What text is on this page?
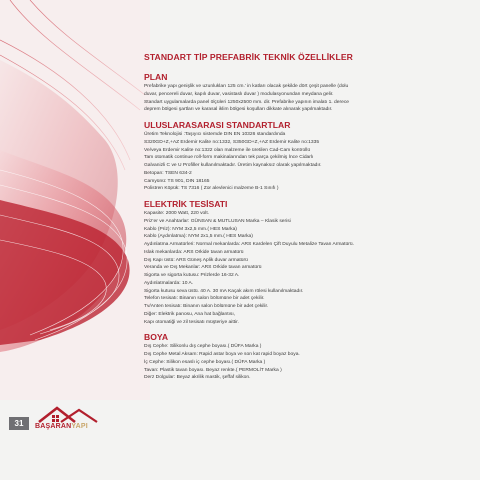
STANDART TİP PREFABRİK TEKNİK ÖZELLİKLER
PLAN

Prefabrike yapı genişlik ve uzunlukları 125 cm.’ in katları olacak şekilde dört çeşit panelle (dolu

duvar, pencereli duvar, kapılı duvar, vasistaslı duvar ) modulasyonundan meydana gelir.

Standart uygulamalarda panel ölçüleri 1250x2500 mm. dir. Prefabrike yapının imalatı 1. derece

deprem bölgesi şartları ve karasal iklim bölgesi koşulları dikkate alınarak yapılmaktadır.

ULUSLARASARASI STANDARTLAR

Üretim Teknolojisi :Taşıyıcı sistemde DIN EN 10326 standardında

S320GD+Z,+AZ Erdemir Kalite no:1332, S350GD+Z,+AZ Erdemir Kalite no:1335

Ve/veya Erdemir Kalite no:1322 olan malzeme ile üretilen Cad-Cam kontrollü

Tam otomatik continue roll-form makinalarından tek parça çekilmiş İnce Cidarlı

Galvanizli C ve U Profiller kullanılmaktadır. Üretim kaynaksız olarak yapılmaktadır.

Betopan: TSEN 634-2

Camyünü: TS 901, DIN 18165

Polistren Köpük: TS 7316 ( Zor alevlenici malzeme B-1 Sınıfı )

ELEKTRİK TESİSATI

Kapasite: 2000 Watt, 220 volt.

Priz’er ve Anahtarlar: GÜNSAN & MUTLUSAN Marka – Klasik serisi

Kablo (Priz): NYM 3x2,5 mm.( HES Marka)

Kablo (Aydınlatma): NYM 2x1,5 mm.( HES Marka)

Aydınlatma Armatürleri: Normal mekanlarda: ARS Kardelen Çift Duyulu Metalize Tavan Armatürü.

Islak mekanlarda: ARS Orkide tavan armatürü

Dış Kapı üstü: ARS Güneş Aplik duvar armatürü

Veranda ve Dış Mekanlar: ARS Orkide tavan armatürü

Sigorta ve sigorta kutusu: Prizlerde 16-32 A.

Aydınlatmalarda: 10 A.

Sigorta kutusu seva üstü. 40 A. 30 mA Kaçak akım rölesi kullanılmaktadır.

Telefon tesisatı: Binanın salon bölümüne bir adet çekilir.

Tv/Anten tesisatı: Binanın salon bölümüne bir adet çekilir.

Diğer: Elektrik panosu, Ana hat bağlantısı,

Kapı otomatiği ve zil tesisatı müşteriye aittir.

BOYA

Dış Cephe: Silikonlu dış cephe boyası.( DÜFA Marka )

Dış Cephe Metal Aksam: Rapid astar boya ve son kat rapid boyaz boya.

İç Cephe: Silikon esaslı iç cephe boyası.( DÜFA Marka )

Tavan: Plastik tavan boyası. Beyaz renkte.( PERMOLİT Marka )

Derz Dolgular: Beyaz akrilik mastik, şeffaf silikon.

31	BAŞARANYAPI
